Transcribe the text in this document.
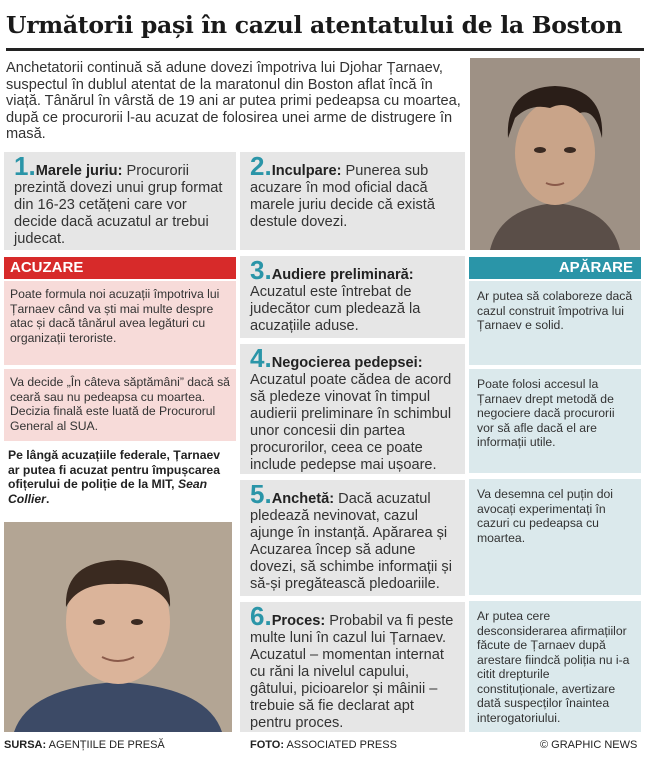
Următorii pași în cazul atentatului de la Boston
Anchetatorii continuă să adune dovezi împotriva lui Djohar Țarnaev, suspectul în dublul atentat de la maratonul din Boston aflat încă în viață. Tânărul în vârstă de 19 ani ar putea primi pedeapsa cu moartea, după ce procurorii l-au acuzat de folosirea unei arme de distrugere în masă.
1.Marele juriu: Procurorii prezintă dovezi unui grup format din 16-23 cetățeni care vor decide dacă acuzatul ar trebui judecat.
2.Inculpare: Punerea sub acuzare în mod oficial dacă marele juriu decide că există destule dovezi.
3.Audiere preliminară: Acuzatul este întrebat de judecător cum pledează la acuzațiile aduse.
4.Negocierea pedepsei: Acuzatul poate cădea de acord să pledeze vinovat în timpul audierii preliminare în schimbul unor concesii din partea procurorilor, ceea ce poate include pedepse mai ușoare.
5.Anchetă: Dacă acuzatul pledează nevinovat, cazul ajunge în instanță. Apărarea și Acuzarea încep să adune dovezi, să schimbe informații și să-și pregătească pledoariile.
6.Proces: Probabil va fi peste multe luni în cazul lui Țarnaev. Acuzatul – momentan internat cu răni la nivelul capului, gâtului, picioarelor și mâinii – trebuie să fie declarat apt pentru proces.
ACUZARE
Poate formula noi acuzații împotriva lui Țarnaev când va ști mai multe despre atac și dacă tânărul avea legături cu organizații teroriste.
Va decide „În câteva săptămâni” dacă să ceară sau nu pedeapsa cu moartea. Decizia finală este luată de Procurorul General al SUA.
Pe lângă acuzațiile federale, Țarnaev ar putea fi acuzat pentru împușcarea ofițerului de poliție de la MIT, Sean Collier.
APĂRARE
Ar putea să colaboreze dacă cazul construit împotriva lui Țarnaev e solid.
Poate folosi accesul la Țarnaev drept metodă de negociere dacă procurorii vor să afle dacă el are informații utile.
Va desemna cel puțin doi avocați experimentați în cazuri cu pedeapsa cu moartea.
Ar putea cere desconsiderarea afirmațiilor făcute de Țarnaev după arestare fiindcă poliția nu i-a citit drepturile constituționale, avertizare dată suspecților înaintea interogatoriului.
SURSA: AGENȚIILE DE PRESĂ	FOTO: ASSOCIATED PRESS	© GRAPHIC NEWS
